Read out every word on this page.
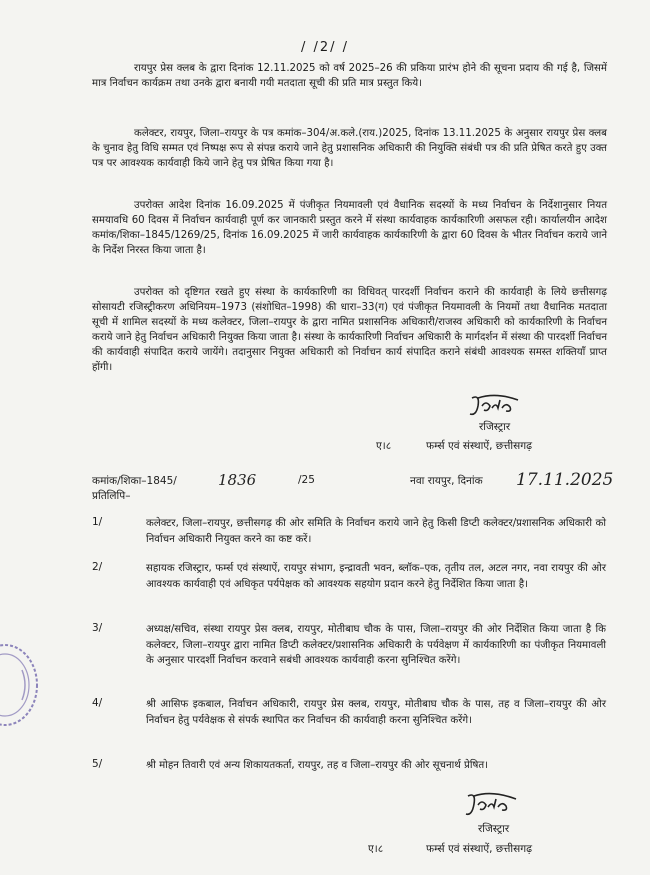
/ /2/ /

रायपुर प्रेस क्लब के द्वारा दिनांक 12.11.2025 को वर्ष 2025–26 की प्रकिया प्रारंभ होने की सूचना प्रदाय की गई है, जिसमें मात्र निर्वाचन कार्यक्रम तथा उनके द्वारा बनायी गयी मतदाता सूची की प्रति मात्र प्रस्तुत किये।

कलेक्टर, रायपुर, जिला–रायपुर के पत्र कमांक–304/अ.कले.(राय.)2025, दिनांक 13.11.2025 के अनुसार रायपुर प्रेस क्लब के चुनाव हेतु विधि सम्मत एवं निष्पक्ष रूप से संपन्न कराये जाने हेतु प्रशासनिक अधिकारी की नियुक्ति संबंधी पत्र की प्रति प्रेषित करते हुए उक्त पत्र पर आवश्यक कार्यवाही किये जाने हेतु पत्र प्रेषित किया गया है।

उपरोक्त आदेश दिनांक 16.09.2025 में पंजीकृत नियमावली एवं वैधानिक सदस्यों के मध्य निर्वाचन के निर्देशानुसार नियत समयावधि 60 दिवस में निर्वाचन कार्यवाही पूर्ण कर जानकारी प्रस्तुत करने में संस्था कार्यवाहक कार्यकारिणी असफल रही। कार्यालयीन आदेश कमांक/शिका–1845/1269/25, दिनांक 16.09.2025 में जारी कार्यवाहक कार्यकारिणी के द्वारा 60 दिवस के भीतर निर्वाचन कराये जाने के निर्देश निरस्त किया जाता है।

उपरोक्त को दृष्टिगत रखते हुए संस्था के कार्यकारिणी का विधिवत् पारदर्शी निर्वाचन कराने की कार्यवाही के लिये छत्तीसगढ़ सोसायटी रजिस्ट्रीकरण अधिनियम–1973 (संशोधित–1998) की धारा–33(ग) एवं पंजीकृत नियमावली के नियमों तथा वैधानिक मतदाता सूची में शामिल सदस्यों के मध्य कलेक्टर, जिला–रायपुर के द्वारा नामित प्रशासनिक अधिकारी/राजस्व अधिकारी को कार्यकारिणी के निर्वाचन कराये जाने हेतु निर्वाचन अधिकारी नियुक्त किया जाता है। संस्था के कार्यकारिणी निर्वाचन अधिकारी के मार्गदर्शन में संस्था की पारदर्शी निर्वाचन की कार्यवाही संपादित कराये जायेंगे। तदानुसार नियुक्त अधिकारी को निर्वाचन कार्य संपादित कराने संबंधी आवश्यक समस्त शक्तियाँ प्राप्त होंगी।

रजिस्ट्रार
ए।८	फर्म्स एवं संस्थाऐं, छत्तीसगढ़
कमांक/शिका–1845/	1836	/25	नवा रायपुर, दिनांक 17.11.2025
प्रतिलिपि–
1/	कलेक्टर, जिला–रायपुर, छत्तीसगढ़ की ओर समिति के निर्वाचन कराये जाने हेतु किसी डिप्टी कलेक्टर/प्रशासनिक अधिकारी को निर्वाचन अधिकारी नियुक्त करने का कष्ट करें।

2/	सहायक रजिस्ट्रार, फर्म्स एवं संस्थाऐं, रायपुर संभाग, इन्द्रावती भवन, ब्लॉक–एक, तृतीय तल, अटल नगर, नवा रायपुर की ओर आवश्यक कार्यवाही एवं अधिकृत पर्यपेक्षक को आवश्यक सहयोग प्रदान करने हेतु निर्देशित किया जाता है।

3/	अध्यक्ष/सचिव, संस्था रायपुर प्रेस क्लब, रायपुर, मोतीबाघ चौक के पास, जिला–रायपुर की ओर निर्देशित किया जाता है कि कलेक्टर, जिला–रायपुर द्वारा नामित डिप्टी कलेक्टर/प्रशासनिक अधिकारी के पर्यवेक्षण में कार्यकारिणी का पंजीकृत नियमावली के अनुसार पारदर्शी निर्वाचन करवाने सबंधी आवश्यक कार्यवाही करना सुनिश्चित करेंगे।

4/	श्री आसिफ इकबाल, निर्वाचन अधिकारी, रायपुर प्रेस क्लब, रायपुर, मोतीबाघ चौक के पास, तह व जिला–रायपुर की ओर निर्वाचन हेतु पर्यवेक्षक से संपर्क स्थापित कर निर्वाचन की कार्यवाही करना सुनिश्चित करेंगे।

5/	श्री मोहन तिवारी एवं अन्य शिकायतकर्ता, रायपुर, तह व जिला–रायपुर की ओर सूचनार्थ प्रेषित।

रजिस्ट्रार
ए।८	फर्म्स एवं संस्थाऐं, छत्तीसगढ़
